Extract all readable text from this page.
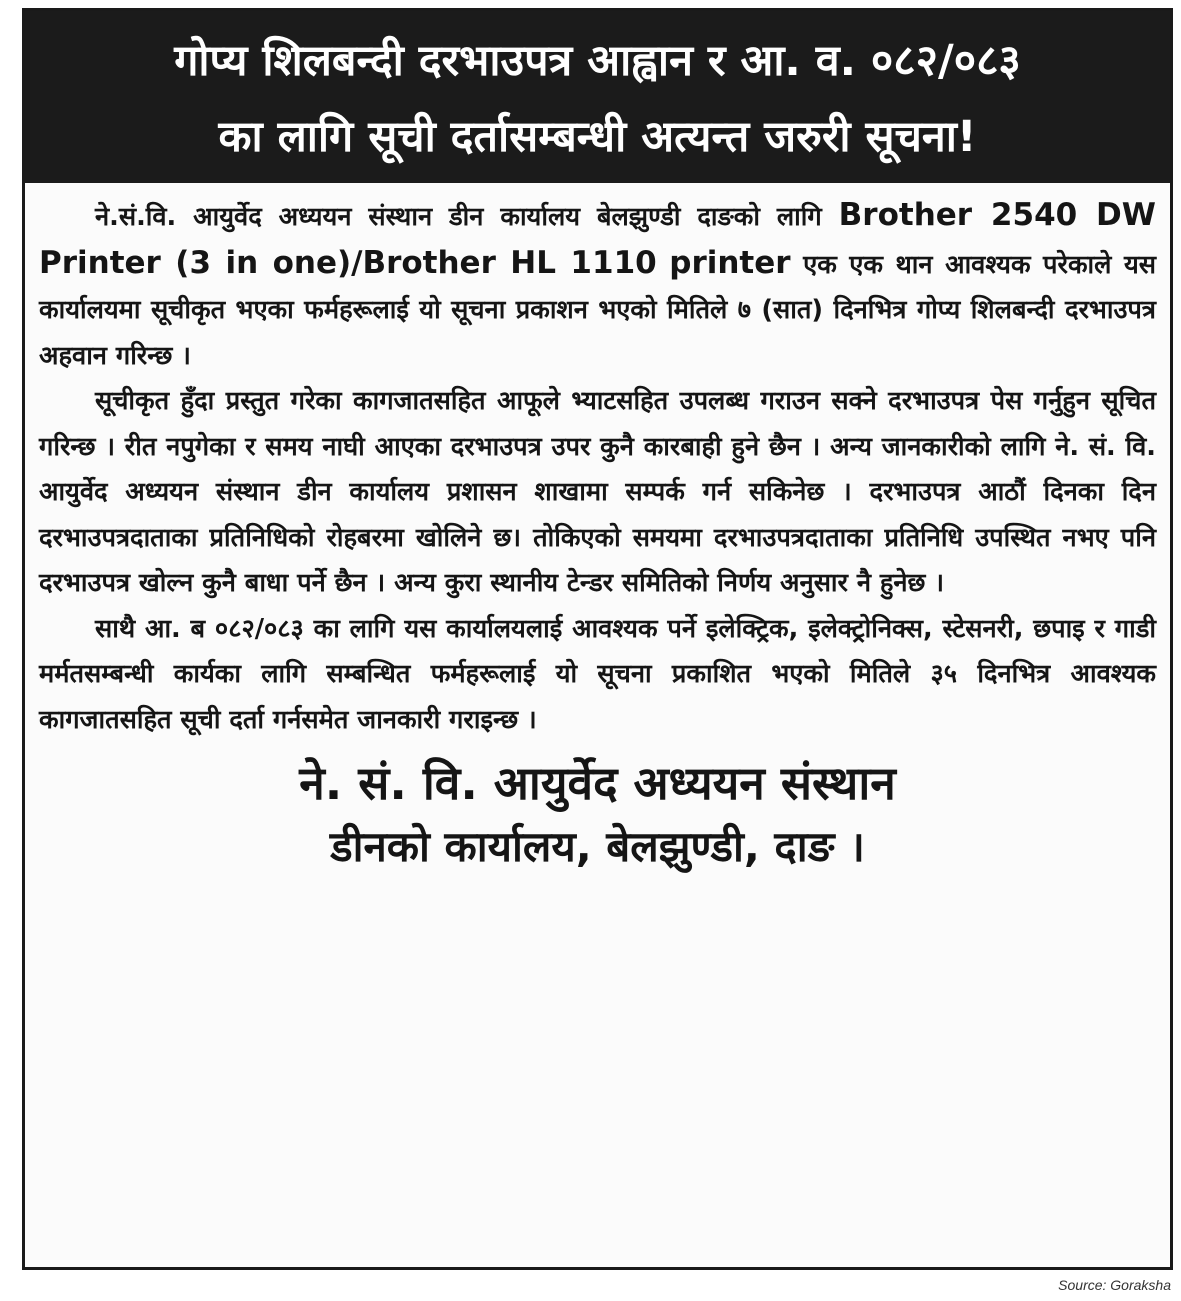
गोप्य शिलबन्दी दरभाउपत्र आह्वान र आ. व. ०८२/०८३
का लागि सूची दर्तासम्बन्धी अत्यन्त जरुरी सूचना!

ने.सं.वि. आयुर्वेद अध्ययन संस्थान डीन कार्यालय बेलझुण्डी दाङको लागि Brother 2540 DW Printer (3 in one)/Brother HL 1110 printer एक एक थान आवश्यक परेकाले यस कार्यालयमा सूचीकृत भएका फर्महरूलाई यो सूचना प्रकाशन भएको मितिले ७ (सात) दिनभित्र गोप्य शिलबन्दी दरभाउपत्र अहवान गरिन्छ ।

सूचीकृत हुँदा प्रस्तुत गरेका कागजातसहित आफूले भ्याटसहित उपलब्ध गराउन सक्ने दरभाउपत्र पेस गर्नुहुन सूचित गरिन्छ । रीत नपुगेका र समय नाघी आएका दरभाउपत्र उपर कुनै कारबाही हुने छैन । अन्य जानकारीको लागि ने. सं. वि. आयुर्वेद अध्ययन संस्थान डीन कार्यालय प्रशासन शाखामा सम्पर्क गर्न सकिनेछ । दरभाउपत्र आठौं दिनका दिन दरभाउपत्रदाताका प्रतिनिधिको रोहबरमा खोलिने छ। तोकिएको समयमा दरभाउपत्रदाताका प्रतिनिधि उपस्थित नभए पनि दरभाउपत्र खोल्न कुनै बाधा पर्ने छैन । अन्य कुरा स्थानीय टेन्डर समितिको निर्णय अनुसार नै हुनेछ ।

साथै आ. ब ०८२/०८३ का लागि यस कार्यालयलाई आवश्यक पर्ने इलेक्ट्रिक, इलेक्ट्रोनिक्स, स्टेसनरी, छपाइ र गाडी मर्मतसम्बन्धी कार्यका लागि सम्बन्धित फर्महरूलाई यो सूचना प्रकाशित भएको मितिले ३५ दिनभित्र आवश्यक कागजातसहित सूची दर्ता गर्नसमेत जानकारी गराइन्छ ।

ने. सं. वि. आयुर्वेद अध्ययन संस्थान
डीनको कार्यालय, बेलझुण्डी, दाङ ।
Source: Goraksha
